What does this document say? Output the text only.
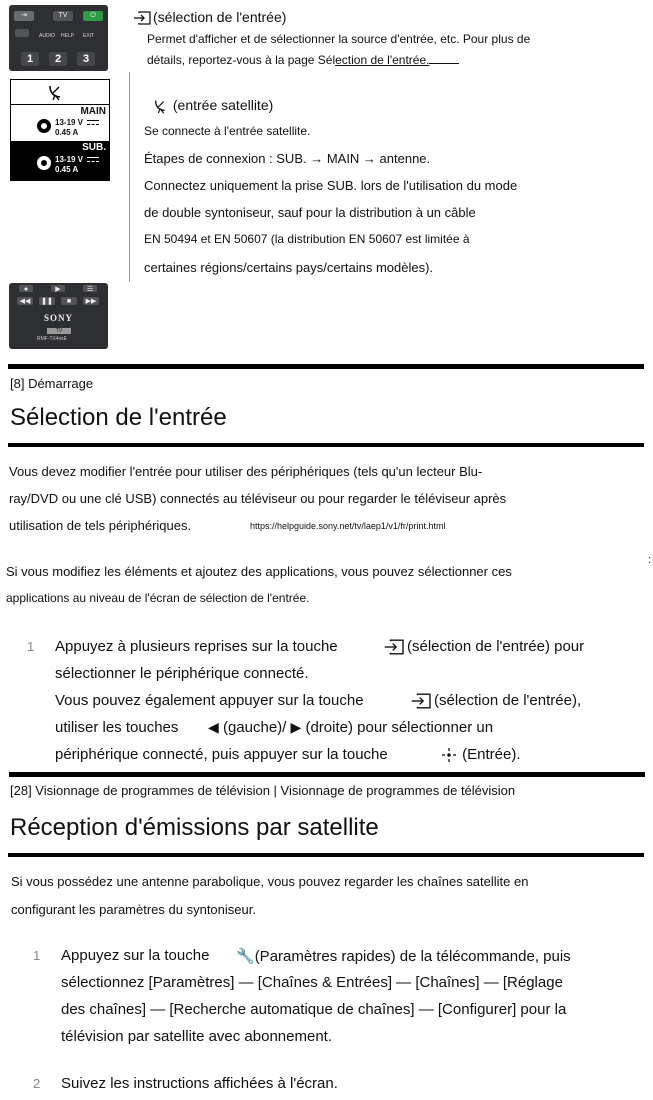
⇥	TV	⏻
AUDIO HELP EXIT
1	2	3
MAIN
13-19 V
0.45 A
SUB.
13-19 V
0.45 A
●	▶	☰
◀◀	❚❚	■	▶▶
SONY
TV
RMF-TX4xxE
(sélection de l'entrée)
Permet d'afficher et de sélectionner la source d'entrée, etc. Pour plus de
détails, reportez-vous à la page Sélection de l'entrée.
(entrée satellite)
Se connecte à l'entrée satellite.
Étapes de connexion : SUB. → MAIN → antenne.
Connectez uniquement la prise SUB. lors de l'utilisation du mode
de double syntoniseur, sauf pour la distribution à un câble
EN 50494 et EN 50607 (la distribution EN 50607 est limitée à
certaines régions/certains pays/certains modèles).
[8] Démarrage
Sélection de l'entrée
Vous devez modifier l'entrée pour utiliser des périphériques (tels qu'un lecteur Blu-
ray/DVD ou une clé USB) connectés au téléviseur ou pour regarder le téléviseur après
utilisation de tels périphériques.	https://helpguide.sony.net/tv/laep1/v1/fr/print.html
Si vous modifiez les éléments et ajoutez des applications, vous pouvez sélectionner ces
applications au niveau de l'écran de sélection de l'entrée.
:
1 Appuyez à plusieurs reprises sur la touche	(sélection de l'entrée) pour
sélectionner le périphérique connecté.
Vous pouvez également appuyer sur la touche	(sélection de l'entrée),
utiliser les touches ◀ (gauche)/ ▶ (droite) pour sélectionner un
périphérique connecté, puis appuyer sur la touche	(Entrée).
[28] Visionnage de programmes de télévision | Visionnage de programmes de télévision
Réception d'émissions par satellite
Si vous possédez une antenne parabolique, vous pouvez regarder les chaînes satellite en
configurant les paramètres du syntoniseur.
1 Appuyez sur la touche 🔧(Paramètres rapides) de la télécommande, puis
sélectionnez [Paramètres] — [Chaînes & Entrées] — [Chaînes] — [Réglage
des chaînes] — [Recherche automatique de chaînes] — [Configurer] pour la
télévision par satellite avec abonnement.
2 Suivez les instructions affichées à l'écran.
